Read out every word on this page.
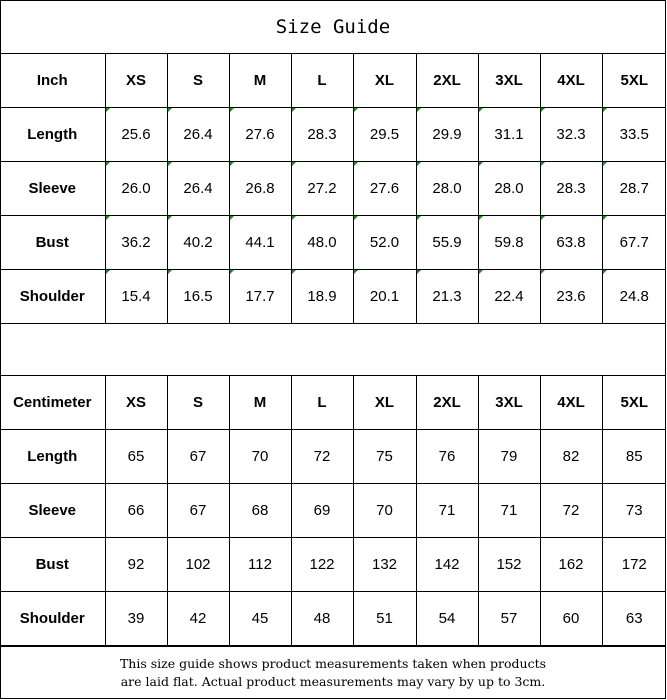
Size Guide
Inch	XS	S	M	L	XL	2XL	3XL	4XL	5XL
Length	25.6	26.4	27.6	28.3	29.5	29.9	31.1	32.3	33.5
Sleeve	26.0	26.4	26.8	27.2	27.6	28.0	28.0	28.3	28.7
Bust	36.2	40.2	44.1	48.0	52.0	55.9	59.8	63.8	67.7
Shoulder	15.4	16.5	17.7	18.9	20.1	21.3	22.4	23.6	24.8
Centimeter	XS	S	M	L	XL	2XL	3XL	4XL	5XL
Length	65	67	70	72	75	76	79	82	85
Sleeve	66	67	68	69	70	71	71	72	73
Bust	92	102	112	122	132	142	152	162	172
Shoulder	39	42	45	48	51	54	57	60	63
This size guide shows product measurements taken when products
are laid flat. Actual product measurements may vary by up to 3cm.
